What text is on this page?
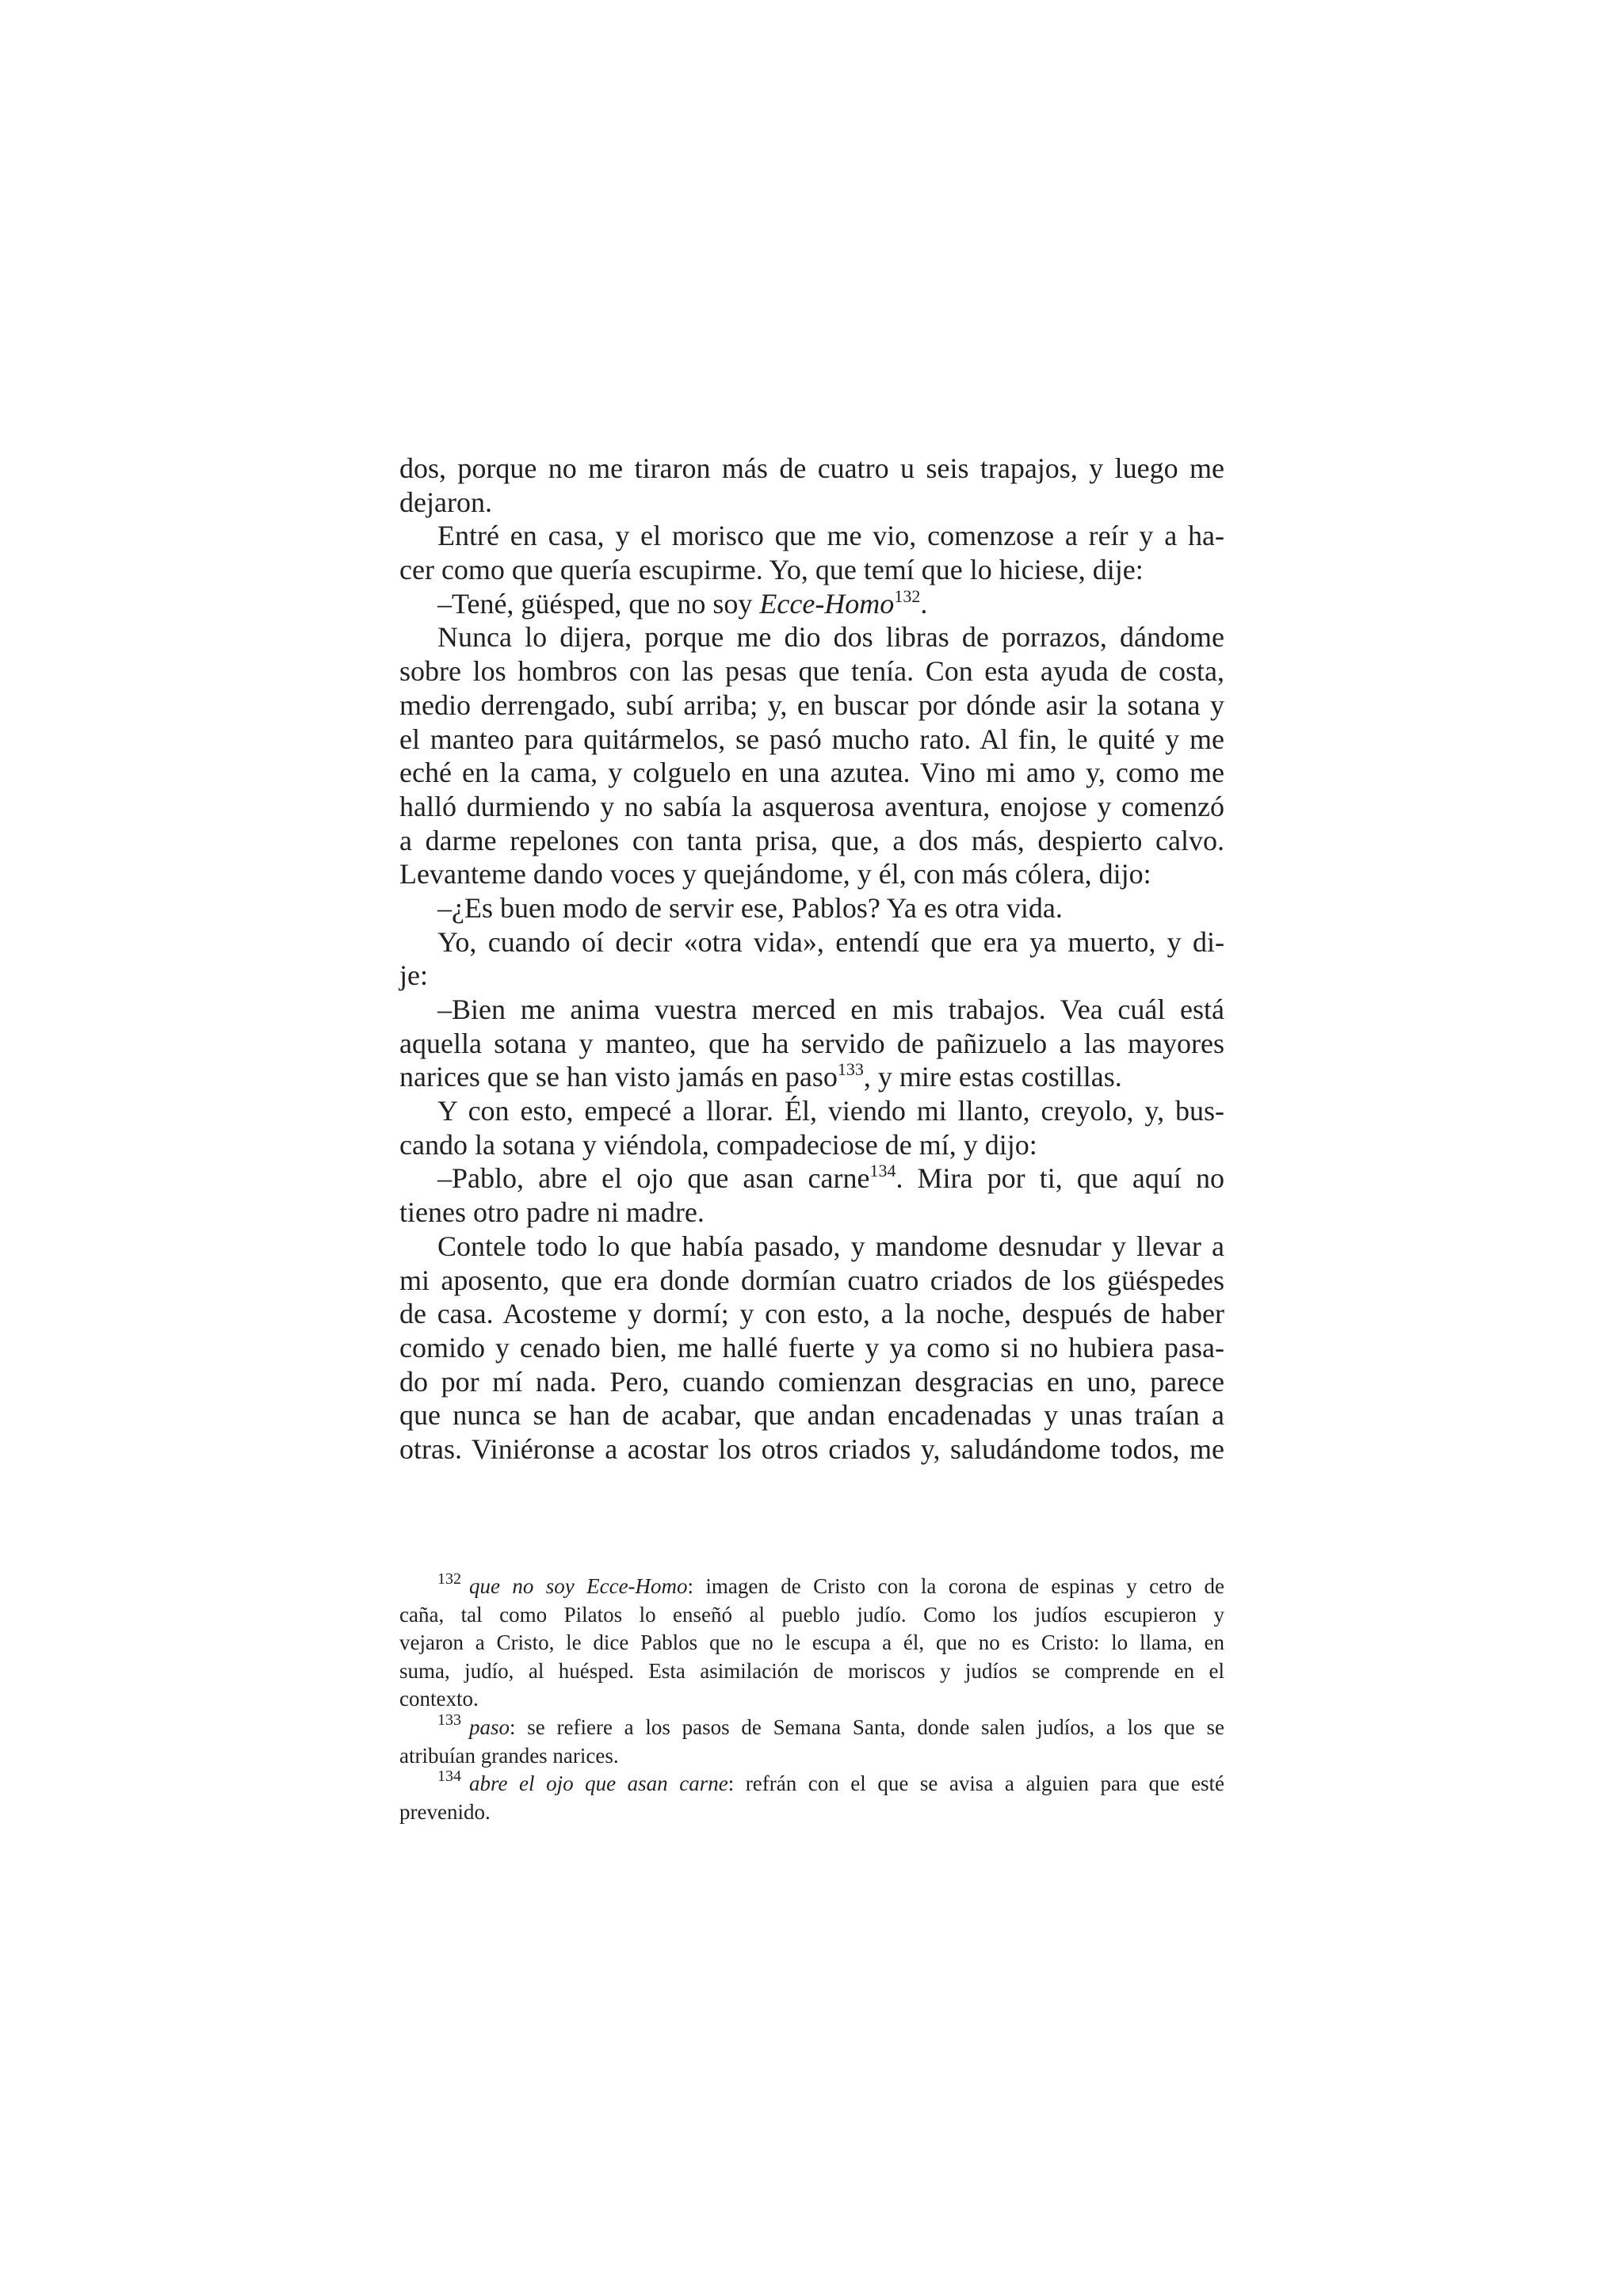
dos, porque no me tiraron más de cuatro u seis trapajos, y luego me
dejaron.
Entré en casa, y el morisco que me vio, comenzose a reír y a ha-
cer como que quería escupirme. Yo, que temí que lo hiciese, dije:
–Tené, güésped, que no soy Ecce-Homo$^{132}$.
Nunca lo dijera, porque me dio dos libras de porrazos, dándome
sobre los hombros con las pesas que tenía. Con esta ayuda de costa,
medio derrengado, subí arriba; y, en buscar por dónde asir la sotana y
el manteo para quitármelos, se pasó mucho rato. Al fin, le quité y me
eché en la cama, y colguelo en una azutea. Vino mi amo y, como me
halló durmiendo y no sabía la asquerosa aventura, enojose y comenzó
a darme repelones con tanta prisa, que, a dos más, despierto calvo.
Levanteme dando voces y quejándome, y él, con más cólera, dijo:
–¿Es buen modo de servir ese, Pablos? Ya es otra vida.
Yo, cuando oí decir «otra vida», entendí que era ya muerto, y di-
je:
–Bien me anima vuestra merced en mis trabajos. Vea cuál está
aquella sotana y manteo, que ha servido de pañizuelo a las mayores
narices que se han visto jamás en paso$^{133}$, y mire estas costillas.
Y con esto, empecé a llorar. Él, viendo mi llanto, creyolo, y, bus-
cando la sotana y viéndola, compadeciose de mí, y dijo:
–Pablo, abre el ojo que asan carne$^{134}$. Mira por ti, que aquí no
tienes otro padre ni madre.
Contele todo lo que había pasado, y mandome desnudar y llevar a
mi aposento, que era donde dormían cuatro criados de los güéspedes
de casa. Acosteme y dormí; y con esto, a la noche, después de haber
comido y cenado bien, me hallé fuerte y ya como si no hubiera pasa-
do por mí nada. Pero, cuando comienzan desgracias en uno, parece
que nunca se han de acabar, que andan encadenadas y unas traían a
otras. Viniéronse a acostar los otros criados y, saludándome todos, me
$^{132}$ que no soy Ecce-Homo: imagen de Cristo con la corona de espinas y cetro de
caña, tal como Pilatos lo enseñó al pueblo judío. Como los judíos escupieron y
vejaron a Cristo, le dice Pablos que no le escupa a él, que no es Cristo: lo llama, en
suma, judío, al huésped. Esta asimilación de moriscos y judíos se comprende en el
contexto.
$^{133}$ paso: se refiere a los pasos de Semana Santa, donde salen judíos, a los que se
atribuían grandes narices.
$^{134}$ abre el ojo que asan carne: refrán con el que se avisa a alguien para que esté
prevenido.
